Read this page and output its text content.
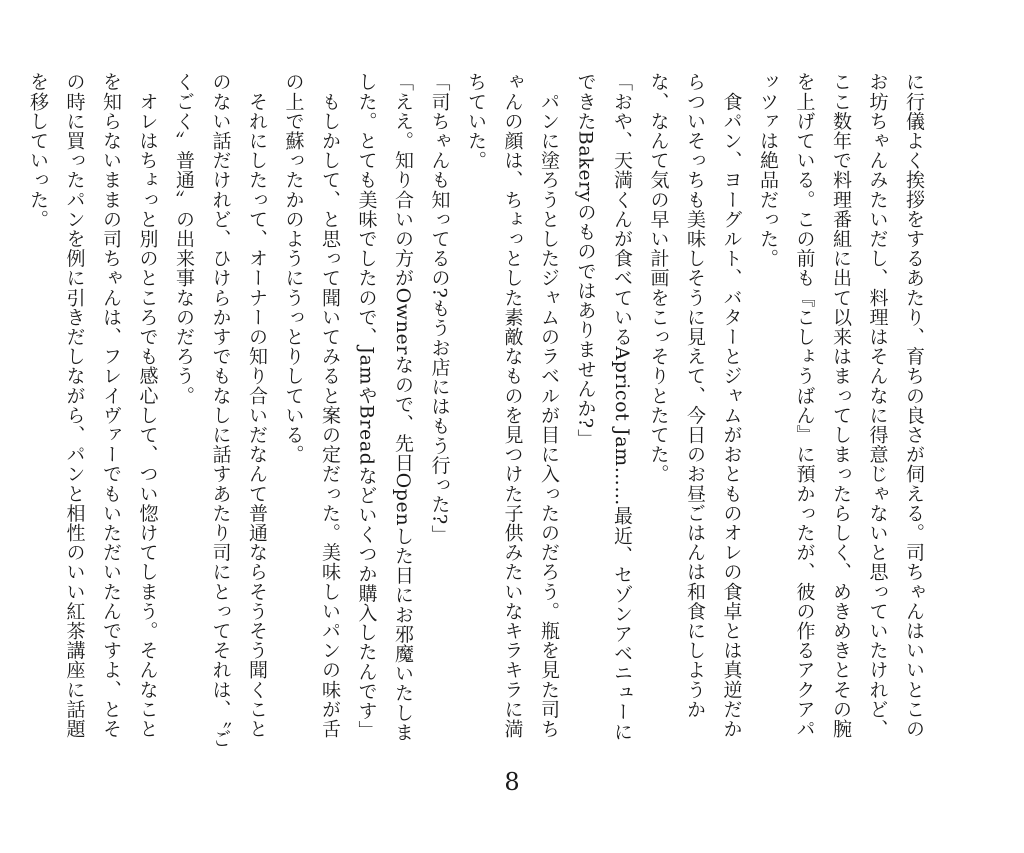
に行儀よく挨拶をするあたり、育ちの良さが伺える。司ちゃんはいいとこのお坊ちゃんみたいだし、料理はそんなに得意じゃないと思っていたけれど、ここ数年で料理番組に出て以来はまってしまったらしく、めきめきとその腕を上げている。この前も『こしょうばん』に預かったが、彼の作るアクアパッツァは絶品だった。

　食パン、ヨーグルト、バターとジャムがおとものオレの食卓とは真逆だからついそっちも美味しそうに見えて、今日のお昼ごはんは和食にしようかな、なんて気の早い計画をこっそりとたてた。

「おや、天満くんが食べているApricot Jam……最近、セゾンアベニューにできたBakeryのものではありませんか?」

　パンに塗ろうとしたジャムのラベルが目に入ったのだろう。瓶を見た司ちゃんの顔は、ちょっとした素敵なものを見つけた子供みたいなキラキラに満ちていた。

「司ちゃんも知ってるの?もうお店にはもう行った?」

「ええ。知り合いの方がOwnerなので、先日Openした日にお邪魔いたしました。とても美味でしたので、JamやBreadなどいくつか購入したんです」

　もしかして、と思って聞いてみると案の定だった。美味しいパンの味が舌の上で蘇ったかのようにうっとりしている。

　それにしたって、オーナーの知り合いだなんて普通ならそうそう聞くことのない話だけれど、ひけらかすでもなしに話すあたり司にとってそれは、〝ごくごく〟普通〟の出来事なのだろう。

　オレはちょっと別のところでも感心して、つい惚けてしまう。そんなことを知らないままの司ちゃんは、フレイヴァーでもいただいたんですよ、とその時に買ったパンを例に引きだしながら、パンと相性のいい紅茶講座に話題を移していった。

8
